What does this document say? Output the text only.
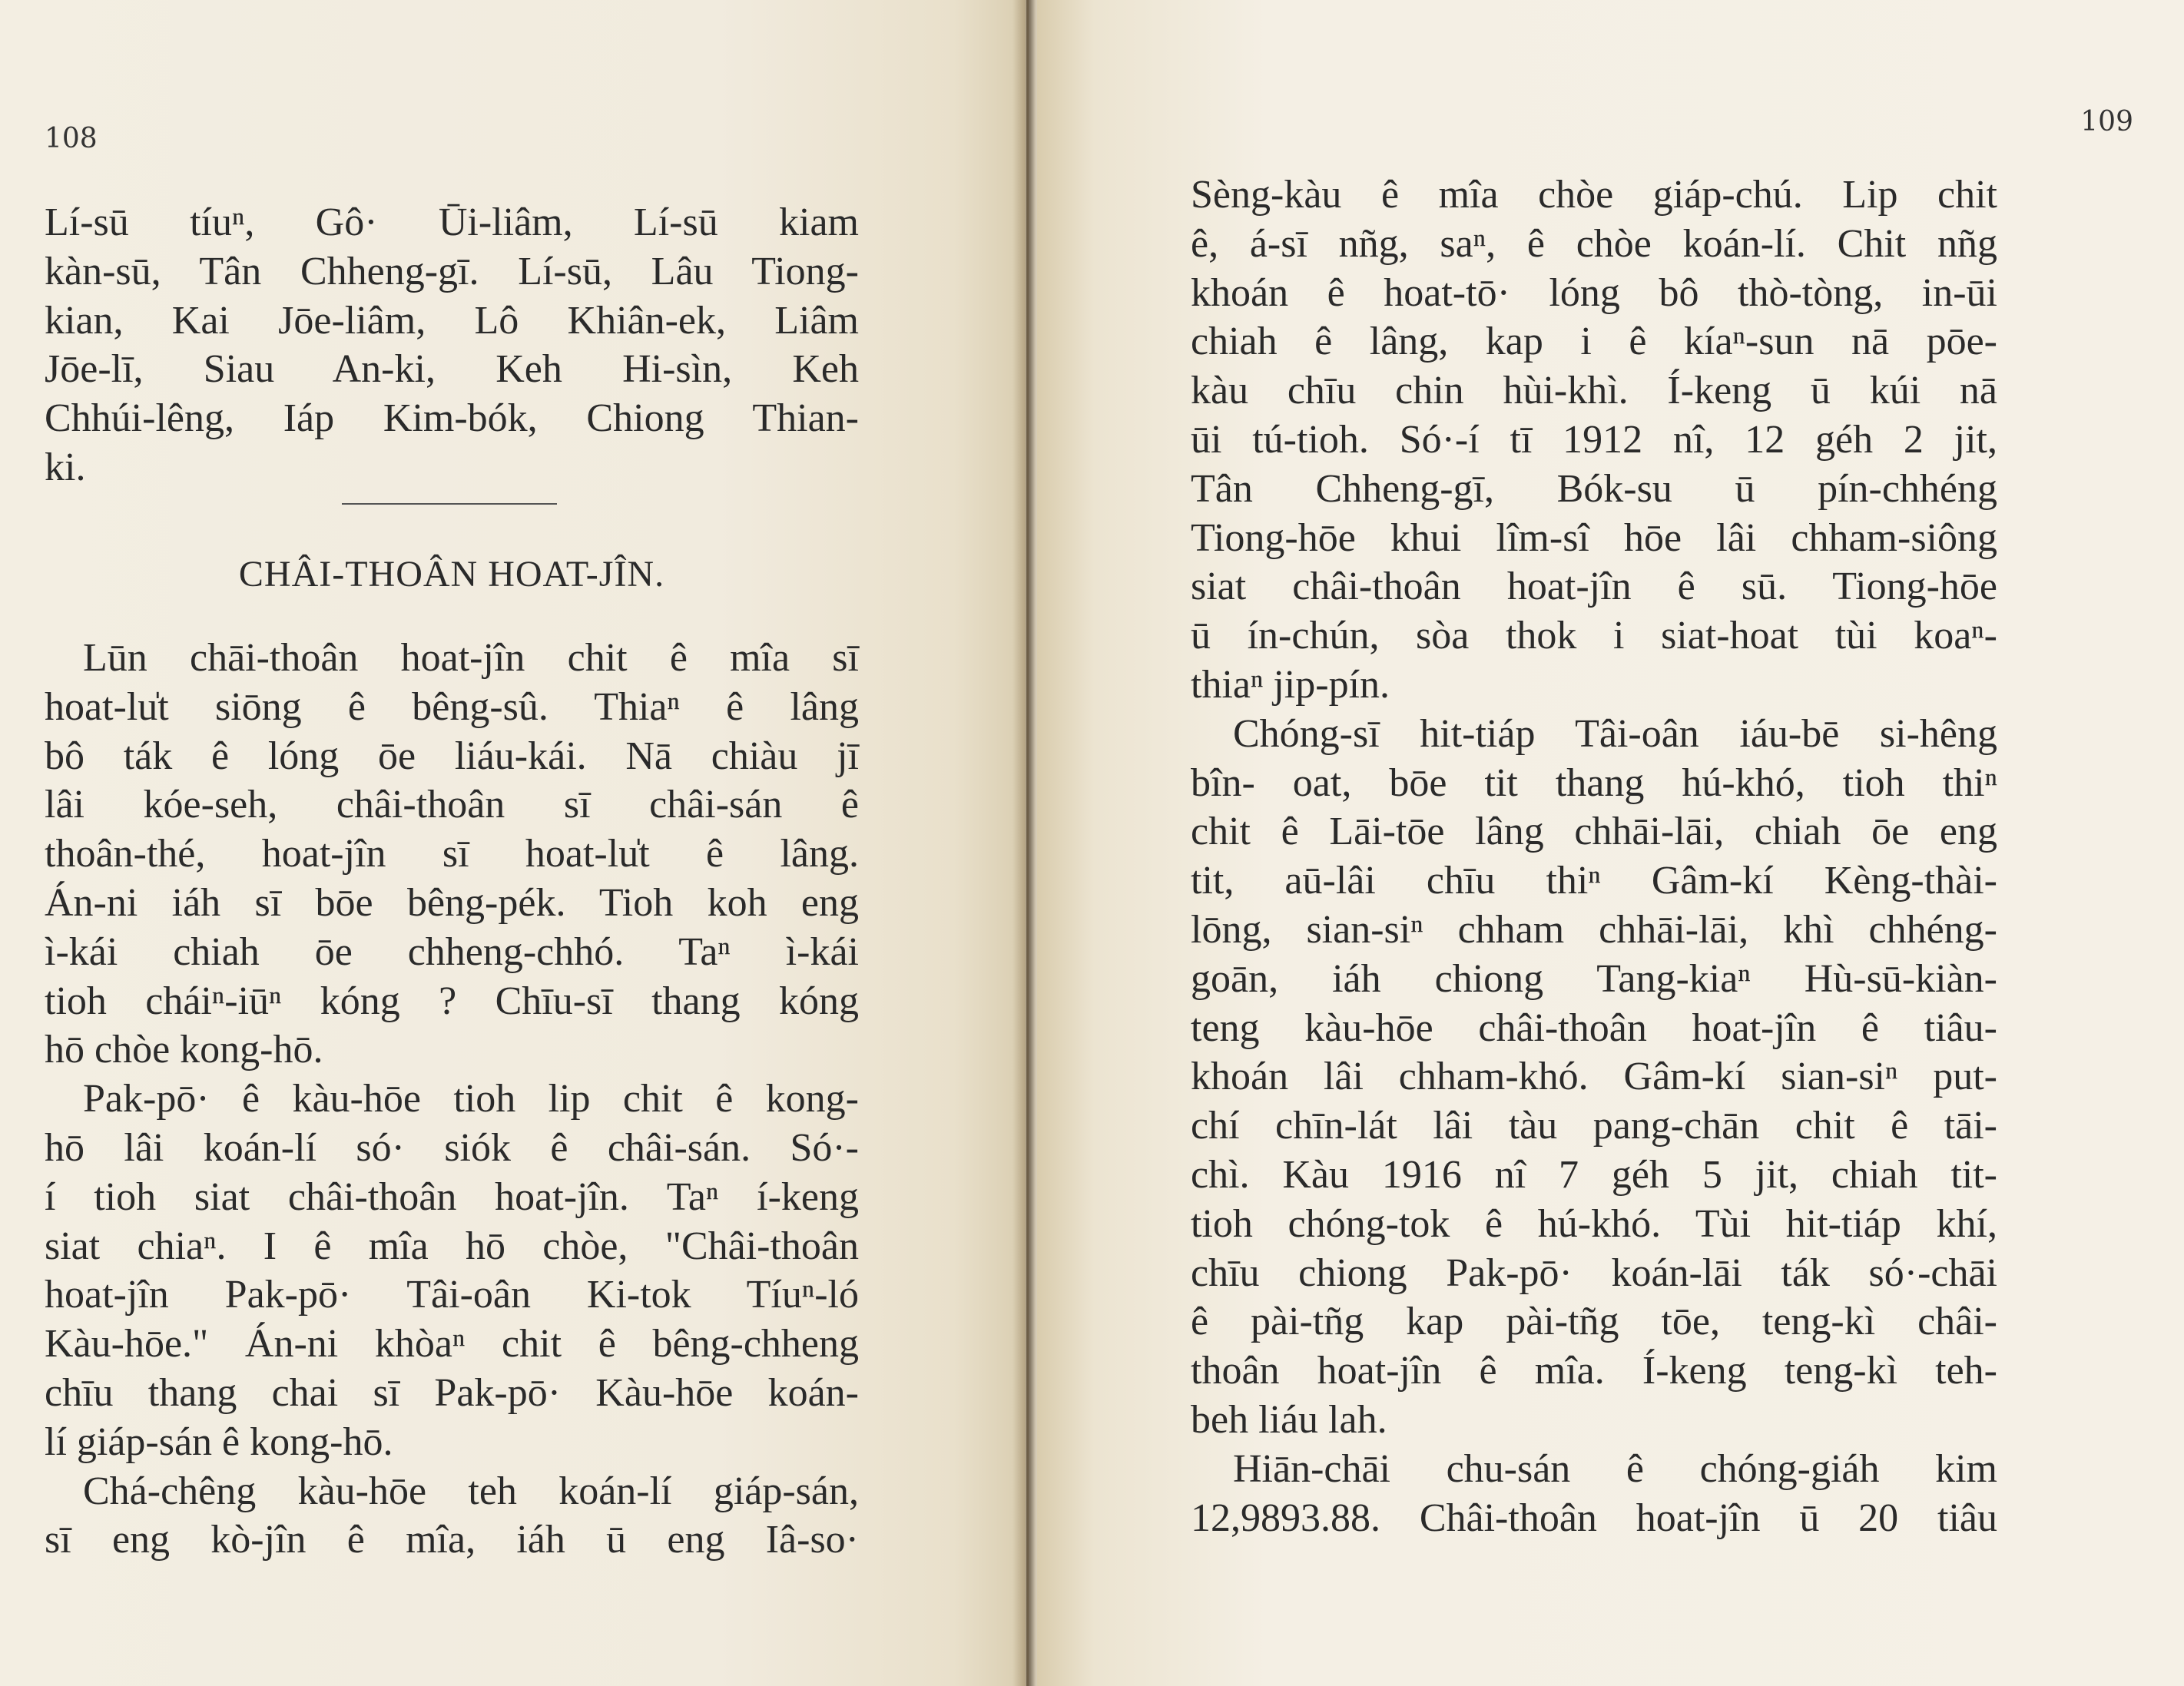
108
Lí-sū tíuⁿ, Gô· Ūi-liâm, Lí-sū kiam
kàn-sū, Tân Chheng-gī. Lí-sū, Lâu Tiong-
kian, Kai Jōe-liâm, Lô Khiân-ek, Liâm
Jōe-lī, Siau An-ki, Keh Hi-sìn, Keh
Chhúi-lêng, Iáp Kim-bók, Chiong Thian-
ki.
CHÂI-THOÂN HOAT-JÎN.
Lūn chāi-thoân hoat-jîn chit ê mîa sī
hoat-lu̍t siōng ê bêng-sû. Thiaⁿ ê lâng
bô ták ê lóng ōe liáu-kái. Nā chiàu jī
lâi kóe-seh, châi-thoân sī châi-sán ê
thoân-thé, hoat-jîn sī hoat-lu̍t ê lâng.
Án-ni iáh sī bōe bêng-pék. Tioh koh eng
ì-kái chiah ōe chheng-chhó. Taⁿ ì-kái
tioh cháiⁿ-iūⁿ kóng ? Chīu-sī thang kóng
hō chòe kong-hō.
Pak-pō· ê kàu-hōe tioh lip chit ê kong-
hō lâi koán-lí só· siók ê châi-sán. Só·-
í tioh siat châi-thoân hoat-jîn. Taⁿ í-keng
siat chiaⁿ. I ê mîa hō chòe, "Châi-thoân
hoat-jîn Pak-pō· Tâi-oân Ki-tok Tíuⁿ-ló
Kàu-hōe." Án-ni khòaⁿ chit ê bêng-chheng
chīu thang chai sī Pak-pō· Kàu-hōe koán-
lí giáp-sán ê kong-hō.
Chá-chêng kàu-hōe teh koán-lí giáp-sán,
sī eng kò-jîn ê mîa, iáh ū eng Iâ-so·
109
Sèng-kàu ê mîa chòe giáp-chú. Lip chit
ê, á-sī nñg, saⁿ, ê chòe koán-lí. Chit nñg
khoán ê hoat-tō· lóng bô thò-tòng, in-ūi
chiah ê lâng, kap i ê kíaⁿ-sun nā pōe-
kàu chīu chin hùi-khì. Í-keng ū kúi nā
ūi tú-tioh. Só·-í tī 1912 nî, 12 géh 2 jit,
Tân Chheng-gī, Bók-su ū pín-chhéng
Tiong-hōe khui lîm-sî hōe lâi chham-siông
siat châi-thoân hoat-jîn ê sū. Tiong-hōe
ū ín-chún, sòa thok i siat-hoat tùi koaⁿ-
thiaⁿ jip-pín.
Chóng-sī hit-tiáp Tâi-oân iáu-bē si-hêng
bîn- oat, bōe tit thang hú-khó, tioh thiⁿ
chit ê Lāi-tōe lâng chhāi-lāi, chiah ōe eng
tit, aū-lâi chīu thiⁿ Gâm-kí Kèng-thài-
lōng, sian-siⁿ chham chhāi-lāi, khì chhéng-
goān, iáh chiong Tang-kiaⁿ Hù-sū-kiàn-
teng kàu-hōe châi-thoân hoat-jîn ê tiâu-
khoán lâi chham-khó. Gâm-kí sian-siⁿ put-
chí chīn-lát lâi tàu pang-chān chit ê tāi-
chì. Kàu 1916 nî 7 géh 5 jit, chiah tit-
tioh chóng-tok ê hú-khó. Tùi hit-tiáp khí,
chīu chiong Pak-pō· koán-lāi ták só·-chāi
ê pài-tñg kap pài-tñg tōe, teng-kì châi-
thoân hoat-jîn ê mîa. Í-keng teng-kì teh-
beh liáu lah.
Hiān-chāi chu-sán ê chóng-giáh kim
12,9893.88. Châi-thoân hoat-jîn ū 20 tiâu
